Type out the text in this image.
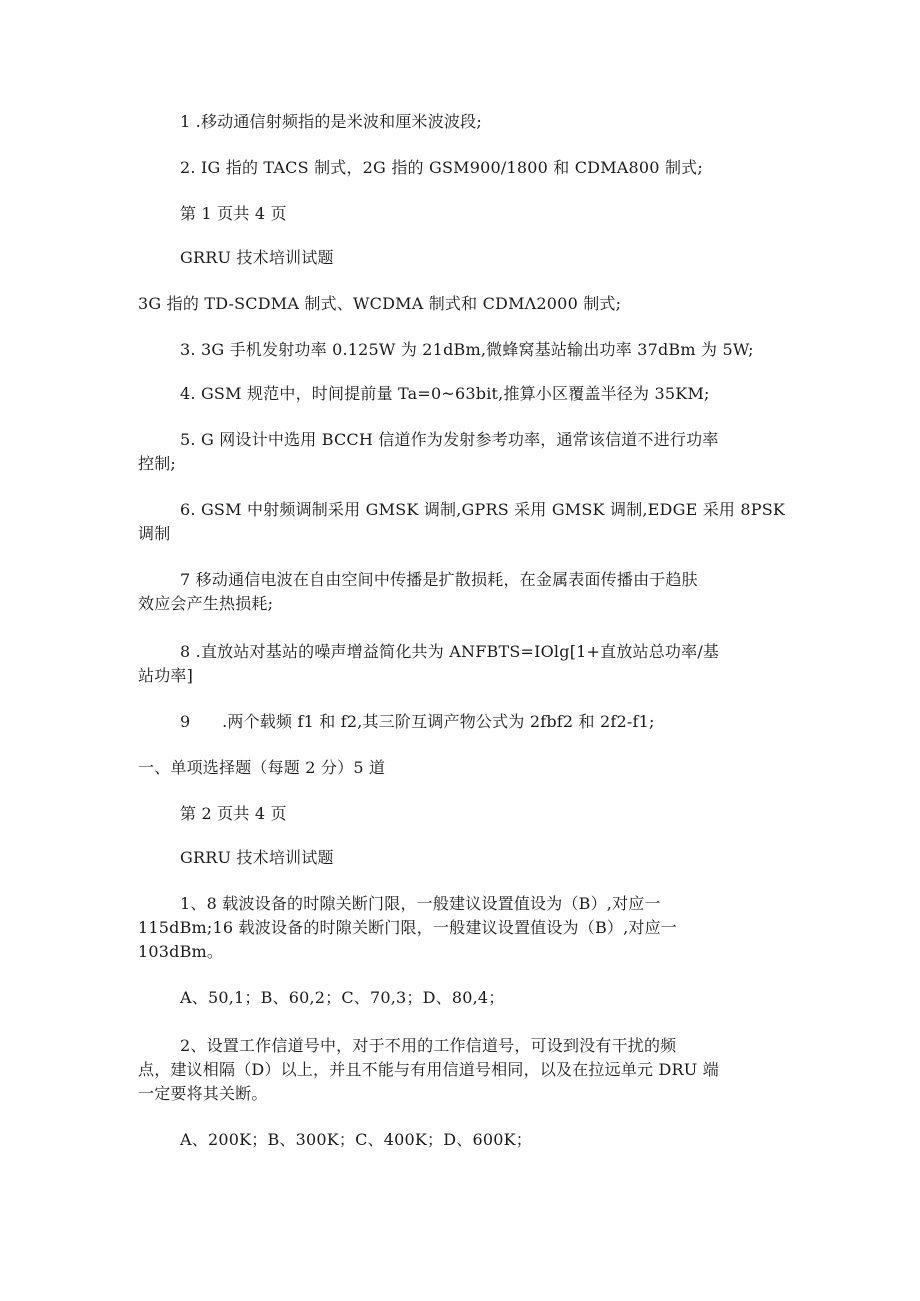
1 .移动通信射频指的是米波和厘米波波段;
2. IG 指的 TACS 制式，2G 指的 GSM900/1800 和 CDMA800 制式;
第 1 页共 4 页
GRRU 技术培训试题
3G 指的 TD-SCDMA 制式、WCDMA 制式和 CDMΛ2000 制式;
3. 3G 手机发射功率 0.125W 为 21dBm,微蜂窝基站输出功率 37dBm 为 5W;
4. GSM 规范中，时间提前量 Ta=0~63bit,推算小区覆盖半径为 35KM;
5. G 网设计中选用 BCCH 信道作为发射参考功率，通常该信道不进行功率
控制;
6. GSM 中射频调制采用 GMSK 调制,GPRS 采用 GMSK 调制,EDGE 采用 8PSK
调制
7 移动通信电波在自由空间中传播是扩散损耗，在金属表面传播由于趋肤
效应会产生热损耗;
8 .直放站对基站的噪声增益简化共为 ANFBTS=IOlg[1+直放站总功率/基
站功率]
9      .两个载频 f1 和 f2,其三阶互调产物公式为 2fbf2 和 2f2-f1;
一、单项选择题（每题 2 分）5 道
第 2 页共 4 页
GRRU 技术培训试题
1、8 载波设备的时隙关断门限，一般建议设置值设为（B）,对应一
115dBm;16 载波设备的时隙关断门限，一般建议设置值设为（B）,对应一
103dBm。
A、50,1；B、60,2；C、70,3；D、80,4；
2、设置工作信道号中，对于不用的工作信道号，可设到没有干扰的频
点，建议相隔（D）以上，并且不能与有用信道号相同，以及在拉远单元 DRU 端
一定要将其关断。
A、200K；B、300K；C、400K；D、600K；
